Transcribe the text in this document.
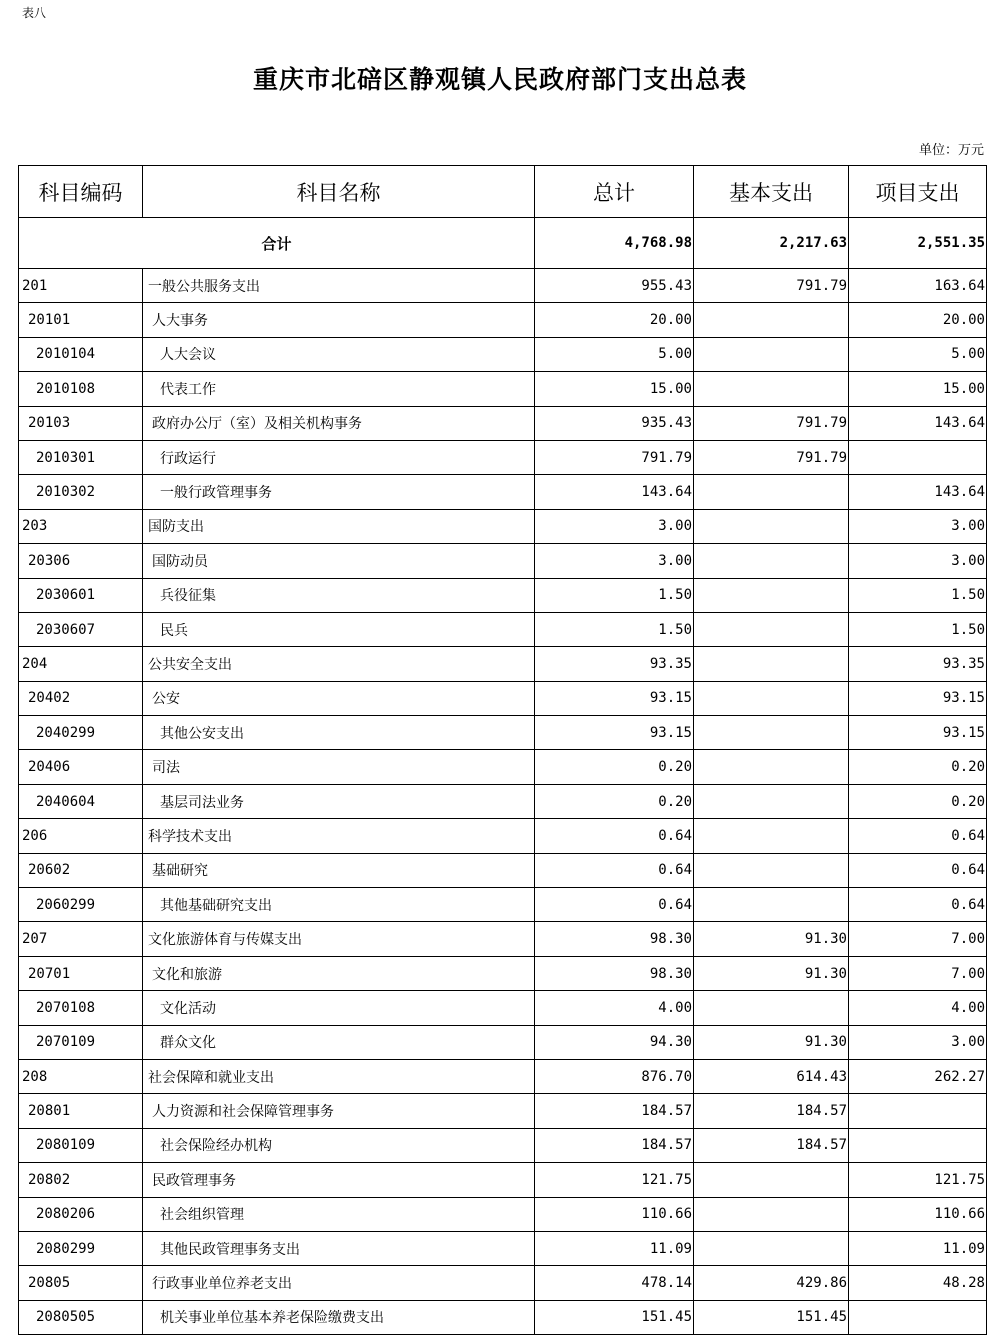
表八
重庆市北碚区静观镇人民政府部门支出总表
单位：万元
科目编码	科目名称	总计	基本支出	项目支出
合计		4,768.98	2,217.63	2,551.35
201	一般公共服务支出	955.43	791.79	163.64
20101	人大事务	20.00		20.00
2010104	人大会议	5.00		5.00
2010108	代表工作	15.00		15.00
20103	政府办公厅（室）及相关机构事务	935.43	791.79	143.64
2010301	行政运行	791.79	791.79	
2010302	一般行政管理事务	143.64		143.64
203	国防支出	3.00		3.00
20306	国防动员	3.00		3.00
2030601	兵役征集	1.50		1.50
2030607	民兵	1.50		1.50
204	公共安全支出	93.35		93.35
20402	公安	93.15		93.15
2040299	其他公安支出	93.15		93.15
20406	司法	0.20		0.20
2040604	基层司法业务	0.20		0.20
206	科学技术支出	0.64		0.64
20602	基础研究	0.64		0.64
2060299	其他基础研究支出	0.64		0.64
207	文化旅游体育与传媒支出	98.30	91.30	7.00
20701	文化和旅游	98.30	91.30	7.00
2070108	文化活动	4.00		4.00
2070109	群众文化	94.30	91.30	3.00
208	社会保障和就业支出	876.70	614.43	262.27
20801	人力资源和社会保障管理事务	184.57	184.57	
2080109	社会保险经办机构	184.57	184.57	
20802	民政管理事务	121.75		121.75
2080206	社会组织管理	110.66		110.66
2080299	其他民政管理事务支出	11.09		11.09
20805	行政事业单位养老支出	478.14	429.86	48.28
2080505	机关事业单位基本养老保险缴费支出	151.45	151.45	
